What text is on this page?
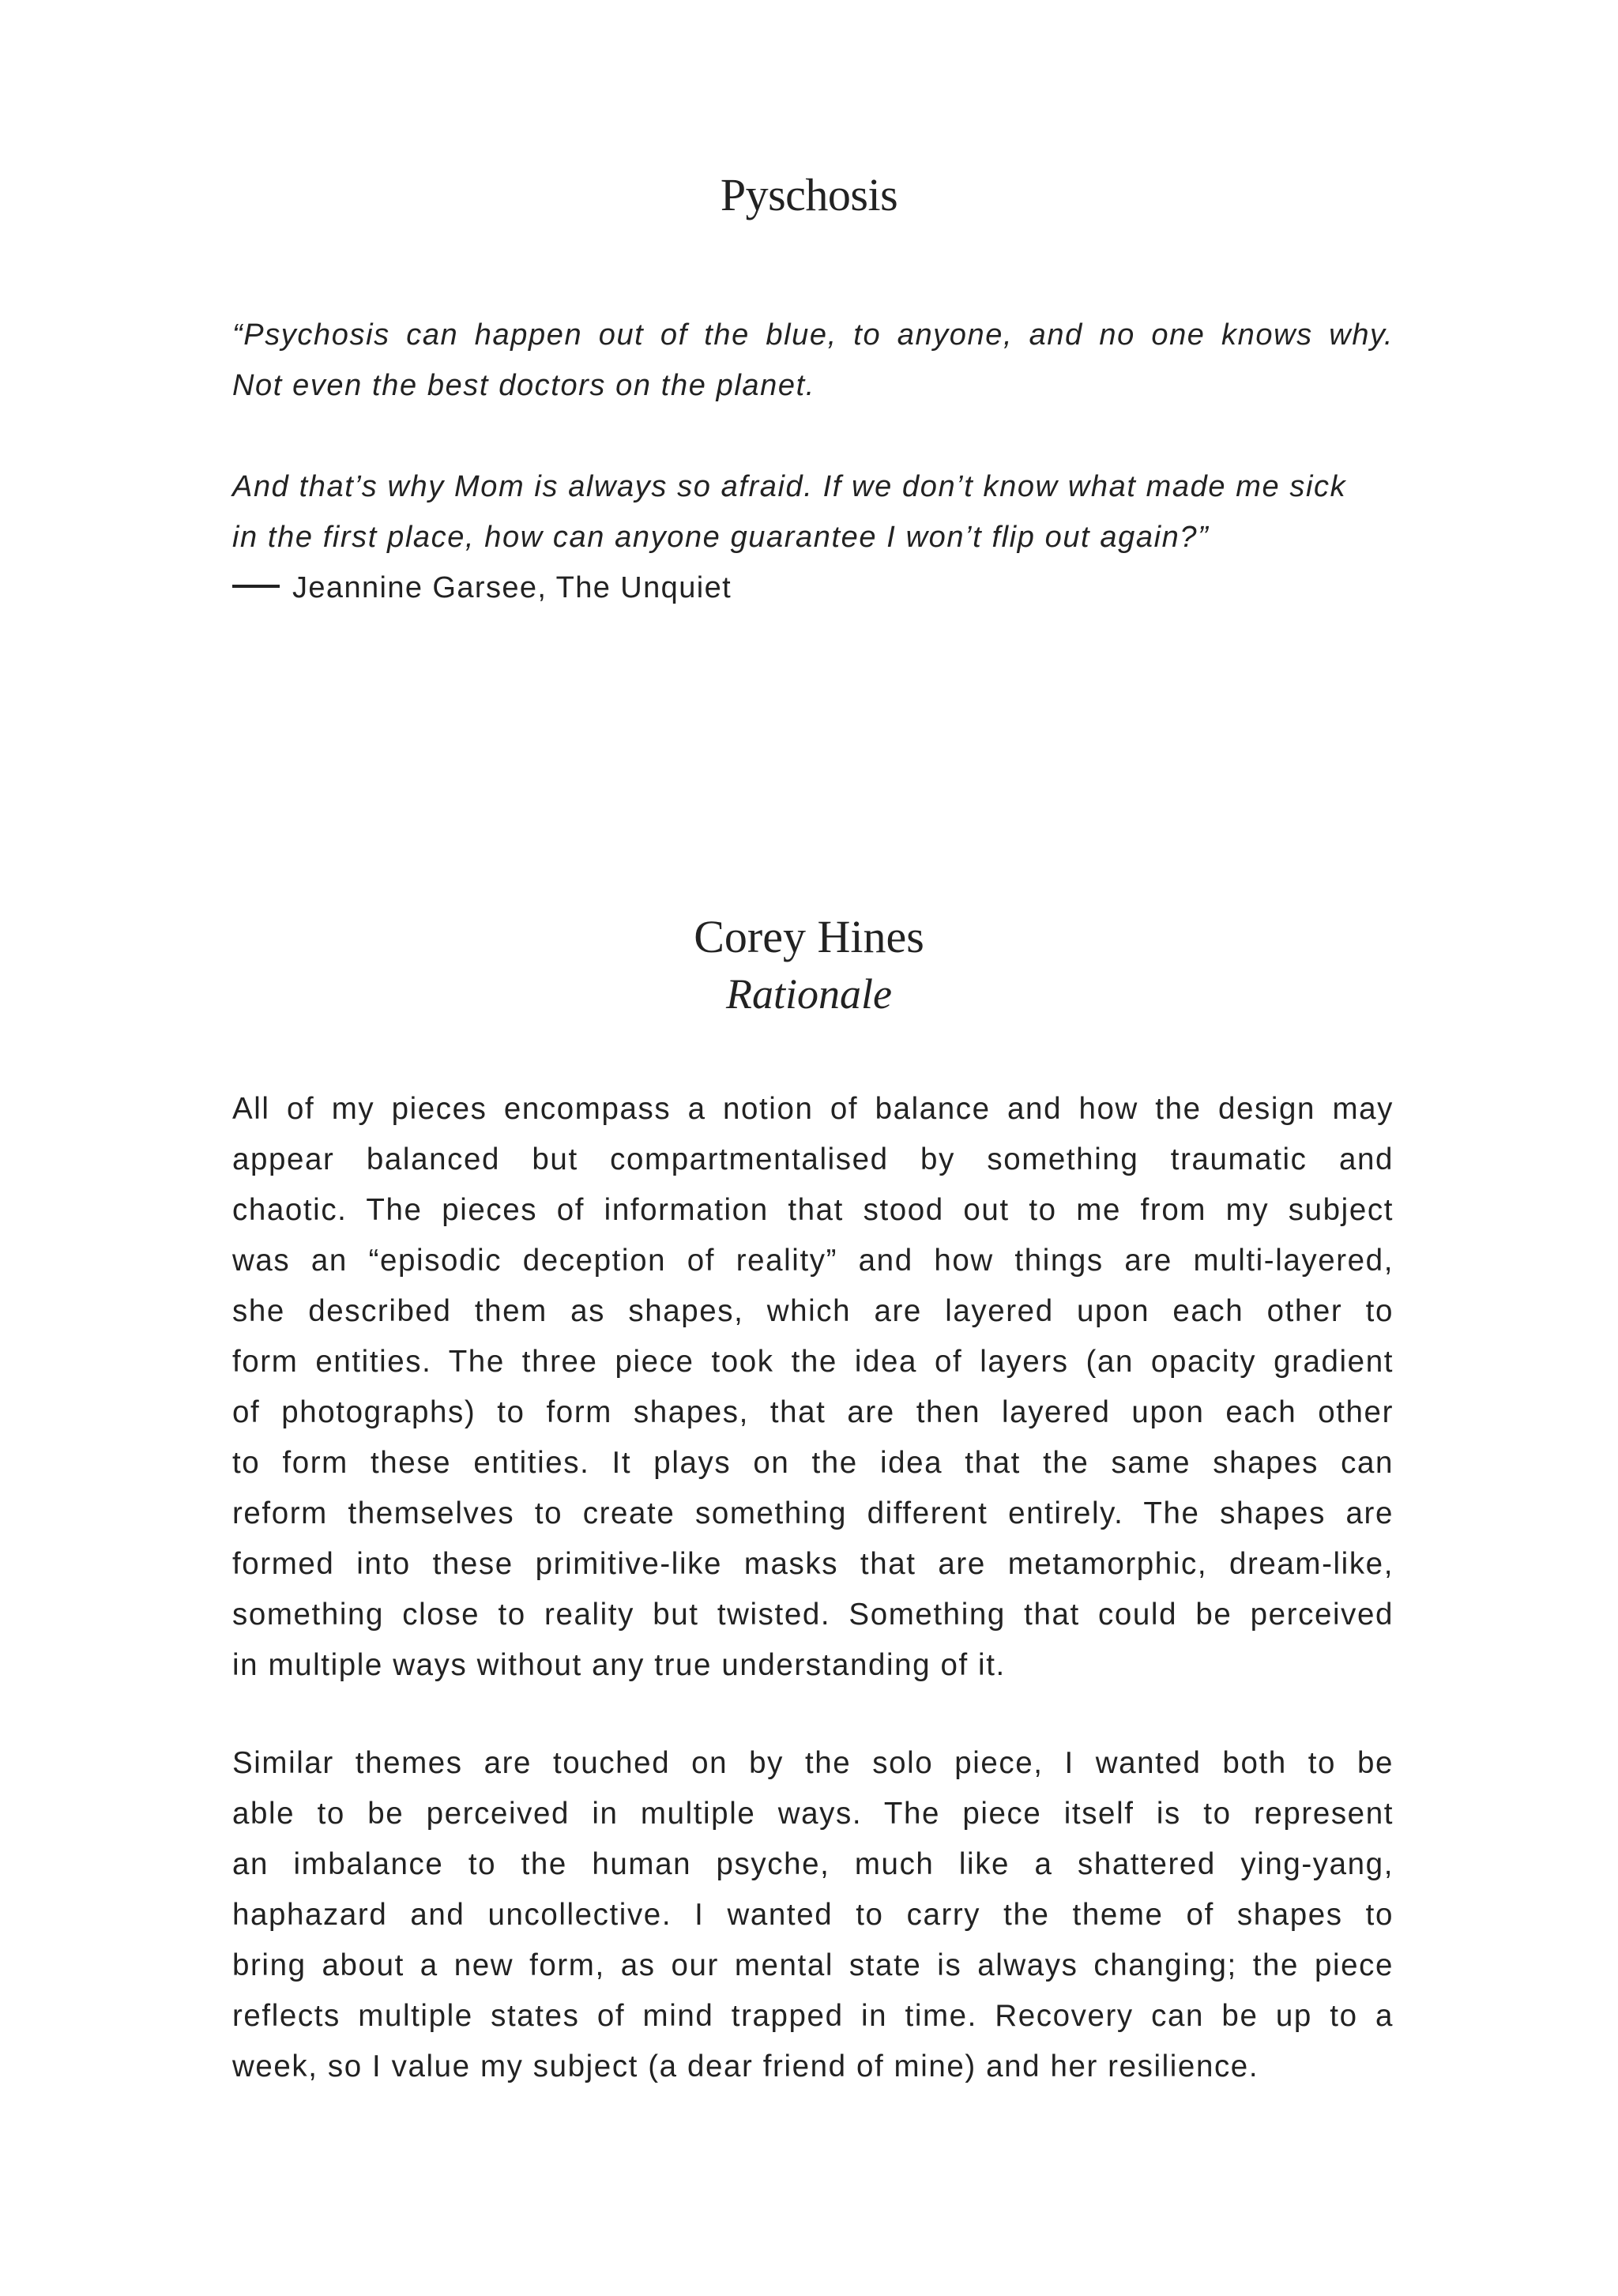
Pyschosis
“Psychosis can happen out of the blue, to anyone, and no one knows why.
Not even the best doctors on the planet.
And that’s why Mom is always so afraid. If we don’t know what made me sick
in the first place, how can anyone guarantee I won’t flip out again?”
Jeannine Garsee, The Unquiet
Corey Hines
Rationale

All of my pieces encompass a notion of balance and how the design may
appear balanced but compartmentalised by something traumatic and
chaotic. The pieces of information that stood out to me from my subject
was an “episodic deception of reality” and how things are multi-layered,
she described them as shapes, which are layered upon each other to
form entities. The three piece took the idea of layers (an opacity gradient
of photographs) to form shapes, that are then layered upon each other
to form these entities. It plays on the idea that the same shapes can
reform themselves to create something different entirely. The shapes are
formed into these primitive-like masks that are metamorphic, dream-like,
something close to reality but twisted. Something that could be perceived
in multiple ways without any true understanding of it.

Similar themes are touched on by the solo piece, I wanted both to be
able to be perceived in multiple ways. The piece itself is to represent
an imbalance to the human psyche, much like a shattered ying-yang,
haphazard and uncollective. I wanted to carry the theme of shapes to
bring about a new form, as our mental state is always changing; the piece
reflects multiple states of mind trapped in time. Recovery can be up to a
week, so I value my subject (a dear friend of mine) and her resilience.
